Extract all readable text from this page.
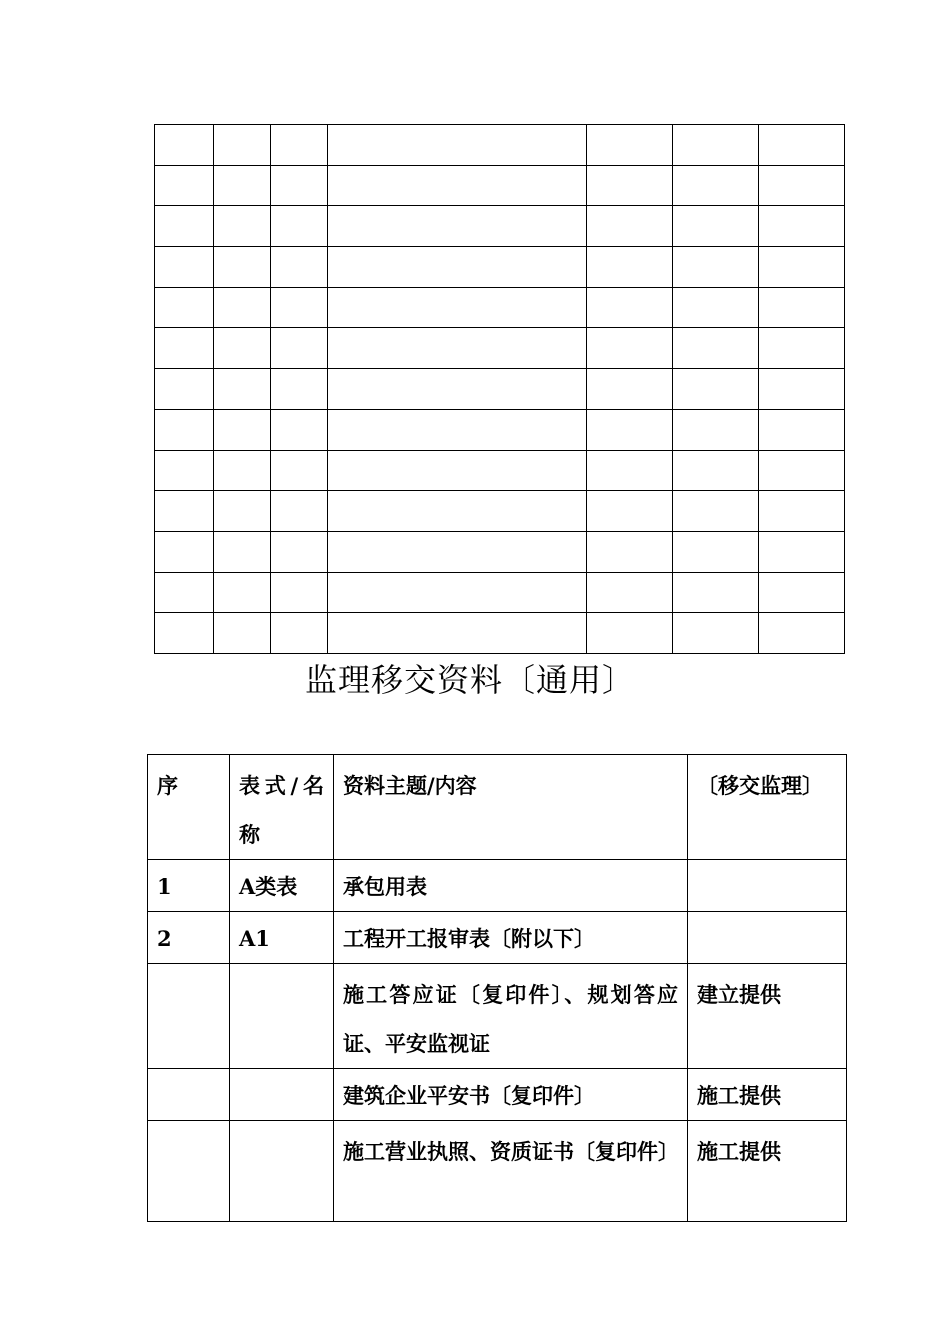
监理移交资料〔通用〕
序	表式/名称	资料主题/内容	〔移交监理〕

1	A类表	承包用表	
2	A1	工程开工报审表〔附以下〕	

		施工答应证〔复印件〕、规划答应证、平安监视证	建立提供
		建筑企业平安书〔复印件〕	施工提供

		施工营业执照、资质证书〔复印件〕	施工提供
